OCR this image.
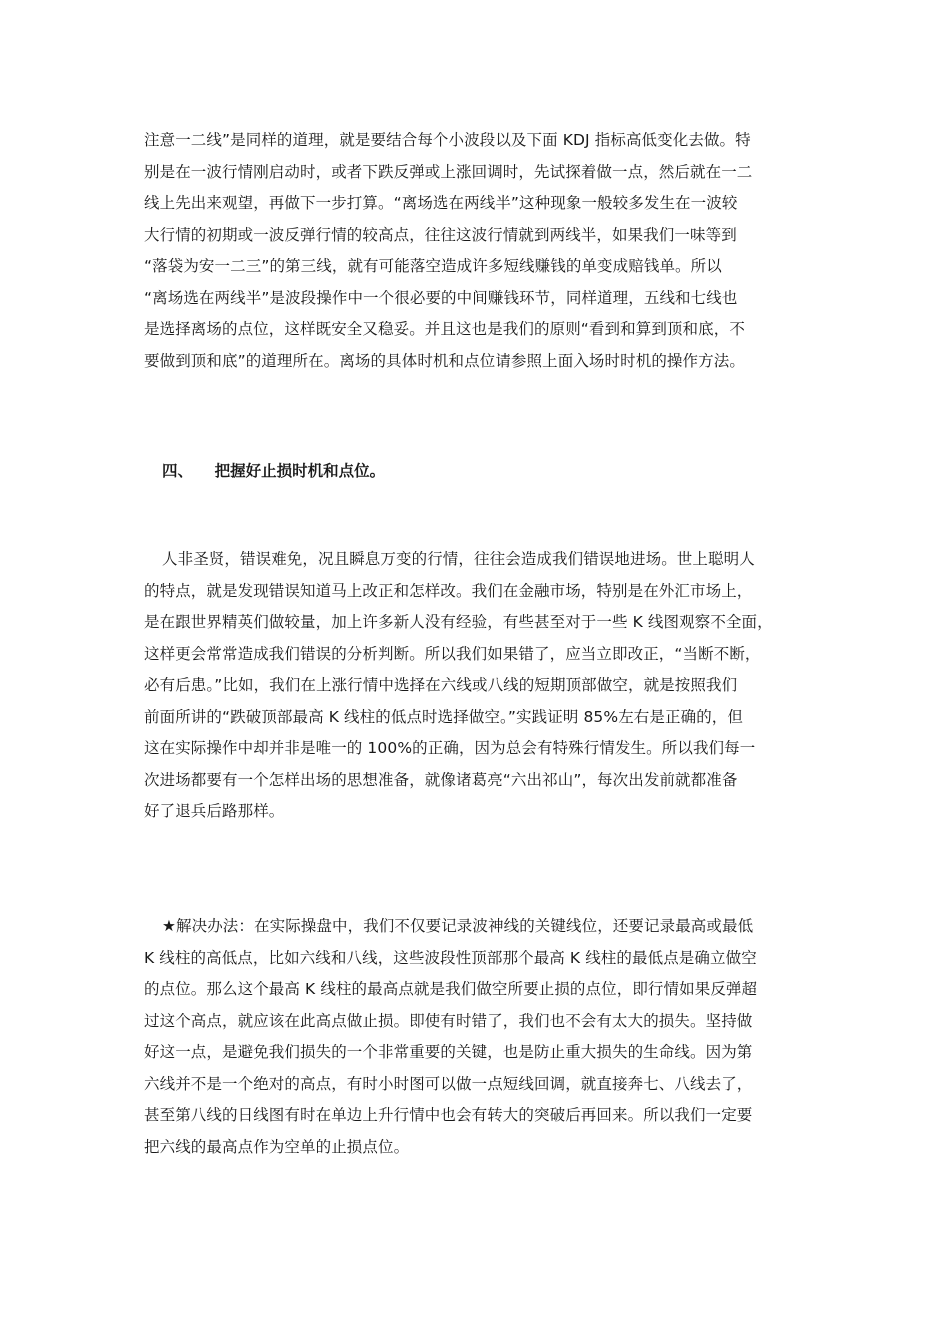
注意一二线”是同样的道理，就是要结合每个小波段以及下面 KDJ 指标高低变化去做。特
别是在一波行情刚启动时，或者下跌反弹或上涨回调时，先试探着做一点，然后就在一二
线上先出来观望，再做下一步打算。“离场选在两线半”这种现象一般较多发生在一波较
大行情的初期或一波反弹行情的较高点，往往这波行情就到两线半，如果我们一味等到
“落袋为安一二三”的第三线，就有可能落空造成许多短线赚钱的单变成赔钱单。所以
“离场选在两线半”是波段操作中一个很必要的中间赚钱环节，同样道理，五线和七线也
是选择离场的点位，这样既安全又稳妥。并且这也是我们的原则“看到和算到顶和底，不
要做到顶和底”的道理所在。离场的具体时机和点位请参照上面入场时时机的操作方法。
四、 把握好止损时机和点位。
人非圣贤，错误难免，况且瞬息万变的行情，往往会造成我们错误地进场。世上聪明人
的特点，就是发现错误知道马上改正和怎样改。我们在金融市场，特别是在外汇市场上，
是在跟世界精英们做较量，加上许多新人没有经验，有些甚至对于一些 K 线图观察不全面，
这样更会常常造成我们错误的分析判断。所以我们如果错了，应当立即改正，“当断不断，
必有后患。”比如，我们在上涨行情中选择在六线或八线的短期顶部做空，就是按照我们
前面所讲的“跌破顶部最高 K 线柱的低点时选择做空。”实践证明 85%左右是正确的，但
这在实际操作中却并非是唯一的 100%的正确，因为总会有特殊行情发生。所以我们每一
次进场都要有一个怎样出场的思想准备，就像诸葛亮“六出祁山”，每次出发前就都准备
好了退兵后路那样。
★解决办法：在实际操盘中，我们不仅要记录波神线的关键线位，还要记录最高或最低
K 线柱的高低点，比如六线和八线，这些波段性顶部那个最高 K 线柱的最低点是确立做空
的点位。那么这个最高 K 线柱的最高点就是我们做空所要止损的点位，即行情如果反弹超
过这个高点，就应该在此高点做止损。即使有时错了，我们也不会有太大的损失。坚持做
好这一点，是避免我们损失的一个非常重要的关键，也是防止重大损失的生命线。因为第
六线并不是一个绝对的高点，有时小时图可以做一点短线回调，就直接奔七、八线去了，
甚至第八线的日线图有时在单边上升行情中也会有转大的突破后再回来。所以我们一定要
把六线的最高点作为空单的止损点位。
